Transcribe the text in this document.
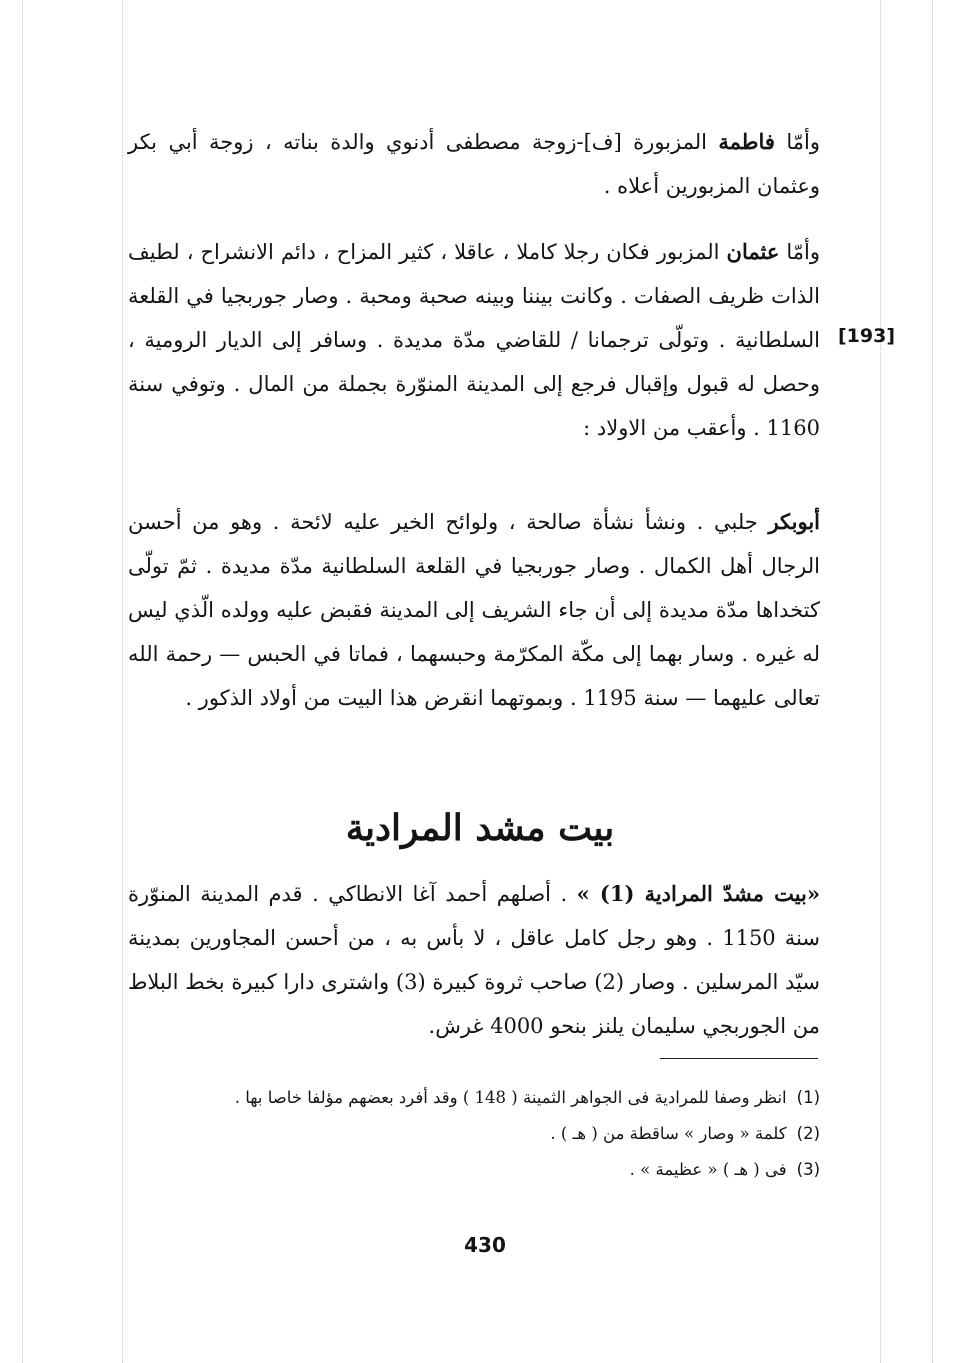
وأمّا فاطمة المزبورة [ف]-زوجة مصطفى أدنوي والدة بناته ، زوجة أبي بكر وعثمان المزبورين أعلاه .

وأمّا عثمان المزبور فكان رجلا كاملا ، عاقلا ، كثير المزاح ، دائم الانشراح ، لطيف الذات ظريف الصفات . وكانت بيننا وبينه صحبة ومحبة . وصار جوربجيا في القلعة السلطانية . وتولّى ترجمانا / للقاضي مدّة مديدة . وسافر إلى الديار الرومية ، وحصل له قبول وإقبال فرجع إلى المدينة المنوّرة بجملة من المال . وتوفي سنة 1160 . وأعقب من الاولاد :

[193]

أبوبكر جلبي . ونشأ نشأة صالحة ، ولوائح الخير عليه لائحة . وهو من أحسن الرجال أهل الكمال . وصار جوربجيا في القلعة السلطانية مدّة مديدة . ثمّ تولّى كتخداها مدّة مديدة إلى أن جاء الشريف إلى المدينة فقبض عليه وولده الّذي ليس له غيره . وسار بهما إلى مكّة المكرّمة وحبسهما ، فماتا في الحبس — رحمة الله تعالى عليهما — سنة 1195 . وبموتهما انقرض هذا البيت من أولاد الذكور .

بيت مشد المرادية

«بيت مشدّ المرادية (1) » . أصلهم أحمد آغا الانطاكي . قدم المدينة المنوّرة سنة 1150 . وهو رجل كامل عاقل ، لا بأس به ، من أحسن المجاورين بمدينة سيّد المرسلين . وصار (2) صاحب ثروة كبيرة (3) واشترى دارا كبيرة بخط البلاط من الجوربجي سليمان يلنز بنحو 4000 غرش.

(1)انظر وصفا للمرادية فى الجواهر الثمينة ( 148 ) وقد أفرد بعضهم مؤلفا خاصا بها .
(2)كلمة « وصار » ساقطة من ( هـ ) .
(3)فى ( هـ ) « عظيمة » .
430
